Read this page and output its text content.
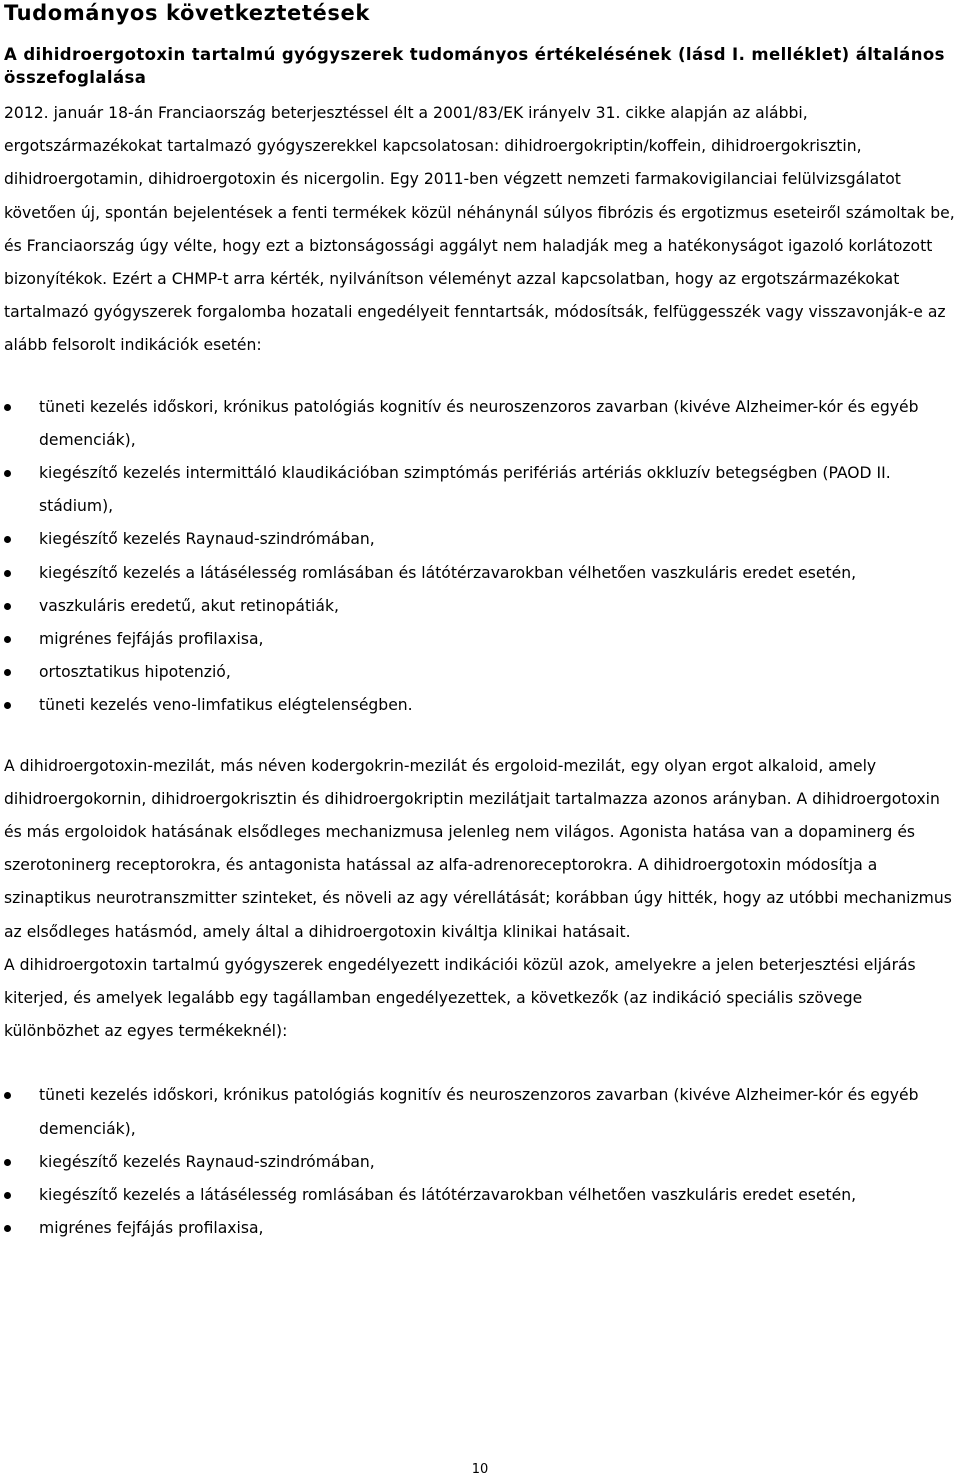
Tudományos következtetések
A dihidroergotoxin tartalmú gyógyszerek tudományos értékelésének (lásd I. melléklet) általános összefoglalása

2012. január 18-án Franciaország beterjesztéssel élt a 2001/83/EK irányelv 31. cikke alapján az alábbi, ergotszármazékokat tartalmazó gyógyszerekkel kapcsolatosan: dihidroergokriptin/koffein, dihidroergokrisztin, dihidroergotamin, dihidroergotoxin és nicergolin. Egy 2011-ben végzett nemzeti farmakovigilanciai felülvizsgálatot követően új, spontán bejelentések a fenti termékek közül néhánynál súlyos fibrózis és ergotizmus eseteiről számoltak be, és Franciaország úgy vélte, hogy ezt a biztonságossági aggályt nem haladják meg a hatékonyságot igazoló korlátozott bizonyítékok. Ezért a CHMP-t arra kérték, nyilvánítson véleményt azzal kapcsolatban, hogy az ergotszármazékokat tartalmazó gyógyszerek forgalomba hozatali engedélyeit fenntartsák, módosítsák, felfüggesszék vagy visszavonják-e az alább felsorolt indikációk esetén:

tüneti kezelés időskori, krónikus patológiás kognitív és neuroszenzoros zavarban (kivéve Alzheimer-kór és egyéb demenciák),
kiegészítő kezelés intermittáló klaudikációban szimptómás perifériás artériás okkluzív betegségben (PAOD II. stádium),
kiegészítő kezelés Raynaud-szindrómában,
kiegészítő kezelés a látásélesség romlásában és látótérzavarokban vélhetően vaszkuláris eredet esetén,
vaszkuláris eredetű, akut retinopátiák,
migrénes fejfájás profilaxisa,
ortosztatikus hipotenzió,
tüneti kezelés veno-limfatikus elégtelenségben.

A dihidroergotoxin-mezilát, más néven kodergokrin-mezilát és ergoloid-mezilát, egy olyan ergot alkaloid, amely dihidroergokornin, dihidroergokrisztin és dihidroergokriptin mezilátjait tartalmazza azonos arányban. A dihidroergotoxin és más ergoloidok hatásának elsődleges mechanizmusa jelenleg nem világos. Agonista hatása van a dopaminerg és szerotoninerg receptorokra, és antagonista hatással az alfa-adrenoreceptorokra. A dihidroergotoxin módosítja a szinaptikus neurotranszmitter szinteket, és növeli az agy vérellátását; korábban úgy hitték, hogy az utóbbi mechanizmus az elsődleges hatásmód, amely által a dihidroergotoxin kiváltja klinikai hatásait.

A dihidroergotoxin tartalmú gyógyszerek engedélyezett indikációi közül azok, amelyekre a jelen beterjesztési eljárás kiterjed, és amelyek legalább egy tagállamban engedélyezettek, a következők (az indikáció speciális szövege különbözhet az egyes termékeknél):

tüneti kezelés időskori, krónikus patológiás kognitív és neuroszenzoros zavarban (kivéve Alzheimer-kór és egyéb demenciák),
kiegészítő kezelés Raynaud-szindrómában,
kiegészítő kezelés a látásélesség romlásában és látótérzavarokban vélhetően vaszkuláris eredet esetén,
migrénes fejfájás profilaxisa,
10
